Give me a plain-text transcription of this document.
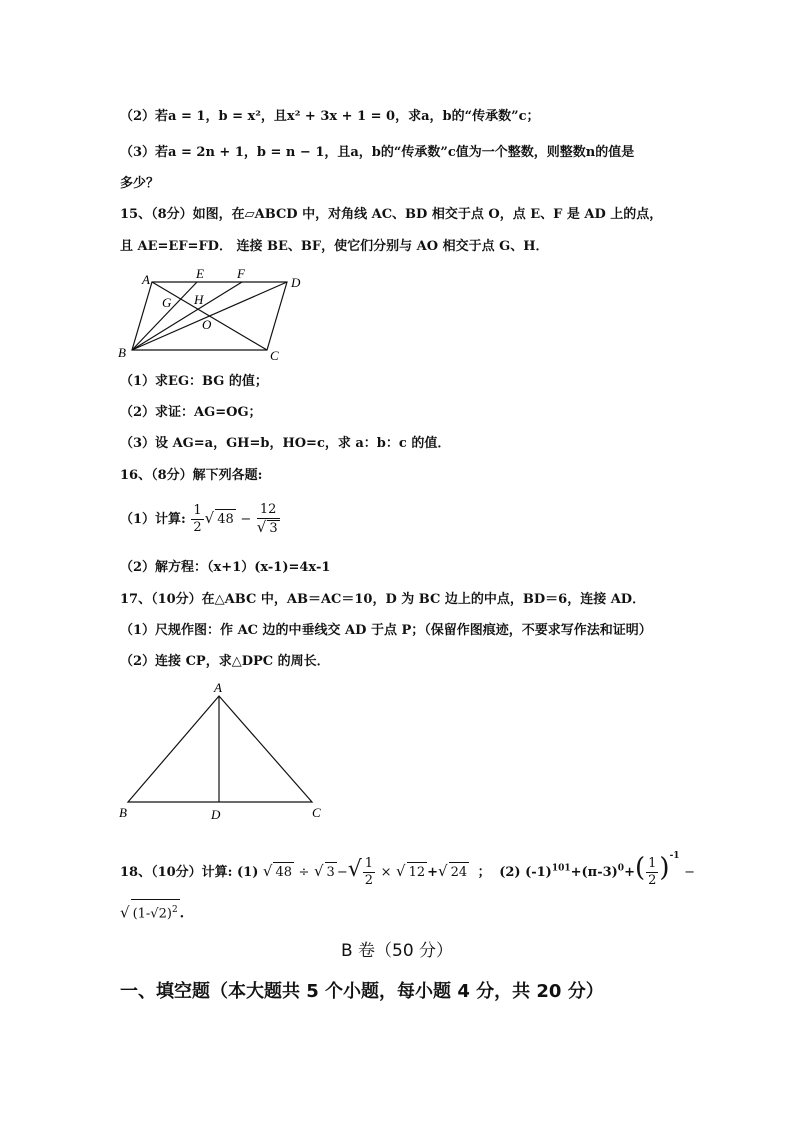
（2）若a = 1，b = x²，且x² + 3x + 1 = 0，求a，b的“传承数”c；
（3）若a = 2n + 1，b = n − 1，且a，b的“传承数”c值为一个整数，则整数n的值是
多少？
15、（8分）如图，在▱ABCD 中，对角线 AC、BD 相交于点 O，点 E、F 是 AD 上的点，
且 AE=EF=FD． 连接 BE、BF，使它们分别与 AO 相交于点 G、H．
A	E	F
D
G H
O
B	C
（1）求EG：BG 的值；
（2）求证：AG=OG；
（3）设 AG=a，GH=b，HO=c，求 a：b：c 的值．
16、（8分）解下列各题:
（1）计算: $\frac{1}{2}$ √ $48 - \frac{12}{√ 3}$
（2）解方程：（x+1）(x-1)=4x-1
17、（10分）在△ABC 中，AB＝AC＝10，D 为 BC 边上的中点，BD＝6，连接 AD．
（1）尺规作图：作 AC 边的中垂线交 AD 于点 P；（保留作图痕迹，不要求写作法和证明）
（2）连接 CP，求△DPC 的周长．
A
B	D	C
18、（10分）计算: (1) √ 48 ÷ √ 3 −√ $\frac{1}{2}$ × √ 12 +√ 24 ； (2) $(-1)^{101}+(\pi-3)^0+( \frac{1}{2} )^{-1}$ −
√ $(1-√2)^2$ .
B 卷（50 分）
一、填空题（本大题共 5 个小题，每小题 4 分，共 20 分）
